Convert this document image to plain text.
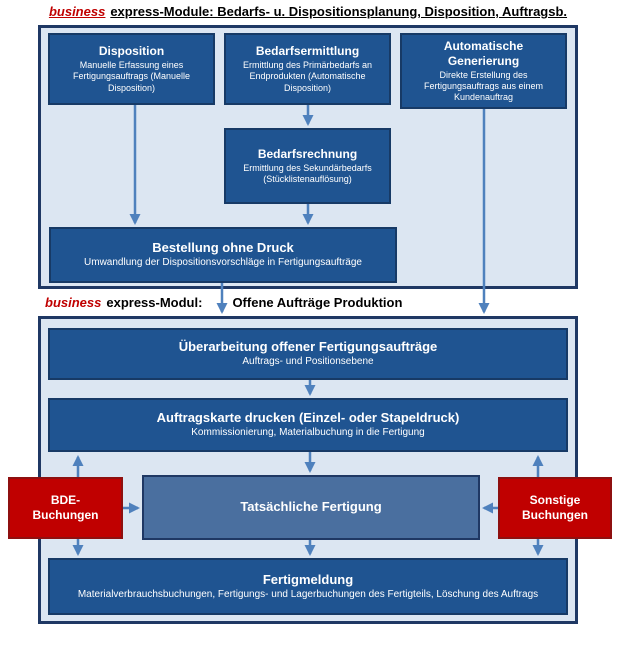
business express-Module: Bedarfs- u. Dispositionsplanung, Disposition, Auftragsb.
business express-Modul: Offene Aufträge Produktion
Disposition
Manuelle Erfassung eines Fertigungsauftrags (Manuelle Disposition)
Bedarfsermittlung
Ermittlung des Primärbedarfs an Endprodukten (Automatische Disposition)
Automatische Generierung
Direkte Erstellung des Fertigungsauftrags aus einem Kundenauftrag
Bedarfsrechnung
Ermittlung des Sekundärbedarfs (Stücklistenauflösung)
Bestellung ohne Druck
Umwandlung der Dispositionsvorschläge in Fertigungsaufträge
Überarbeitung offener Fertigungsaufträge
Auftrags- und Positionsebene
Auftragskarte drucken (Einzel- oder Stapeldruck)
Kommissionierung, Materialbuchung in die Fertigung
BDE-Buchungen
Tatsächliche Fertigung	Sonstige Buchungen
Fertigmeldung
Materialverbrauchsbuchungen, Fertigungs- und Lagerbuchungen des Fertigteils, Löschung des Auftrags
